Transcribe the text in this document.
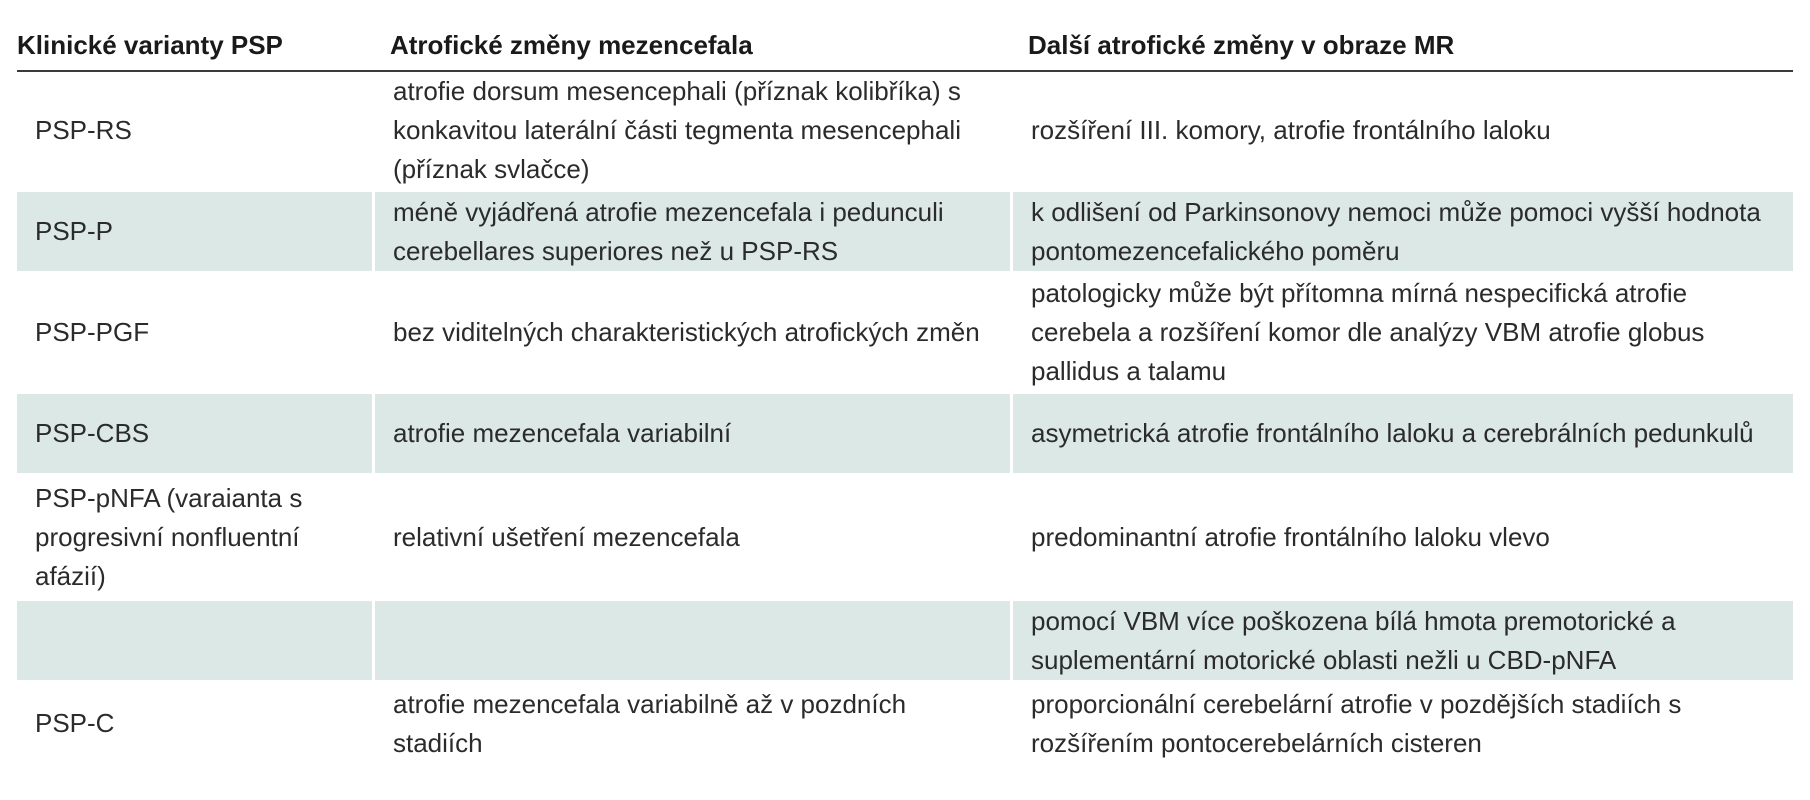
Klinické varianty PSP	Atrofické změny mezencefala	Další atrofické změny v obraze MR
PSP-RS	atrofie dorsum mesencephali (příznak kolibříka) s konkavitou laterální části tegmenta mesencephali (příznak svlačce)	rozšíření III. komory, atrofie frontálního laloku
PSP-P	méně vyjádřená atrofie mezencefala i pedunculi cerebellares superiores než u PSP-RS	k odlišení od Parkinsonovy nemoci může pomoci vyšší hodnota pontomezencefalického poměru
PSP-PGF	bez viditelných charakteristických atrofických změn	patologicky může být přítomna mírná nespecifická atrofie cerebela a rozšíření komor dle analýzy VBM atrofie globus pallidus a talamu
PSP-CBS	atrofie mezencefala variabilní	asymetrická atrofie frontálního laloku a cerebrálních pedunkulů
PSP-pNFA (varaianta s progresivní nonfluentní afázií)	relativní ušetření mezencefala	predominantní atrofie frontálního laloku vlevo
		pomocí VBM více poškozena bílá hmota premotorické a suplementární motorické oblasti nežli u CBD-pNFA
PSP-C	atrofie mezencefala variabilně až v pozdních stadiích	proporcionální cerebelární atrofie v pozdějších stadiích s rozšířením pontocerebelárních cisteren
